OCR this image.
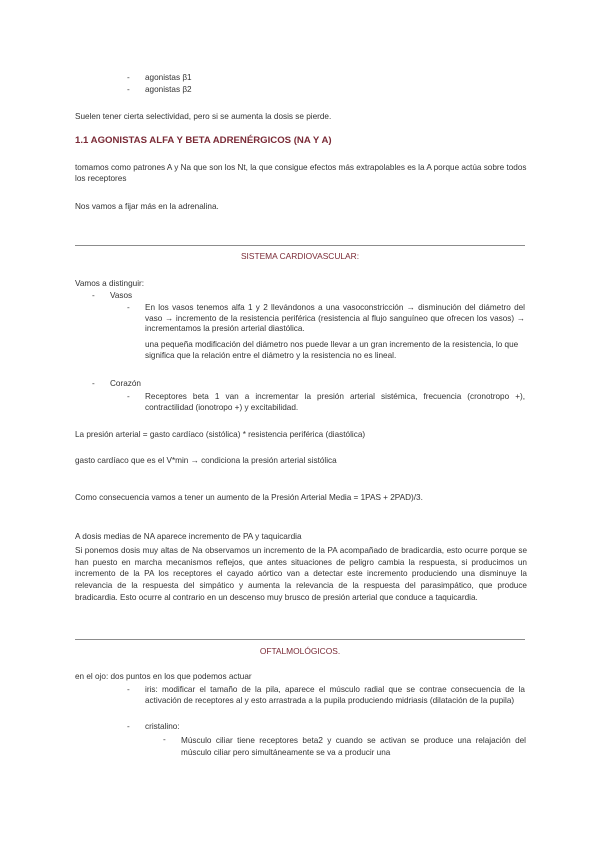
-	agonistas β1
-	agonistas β2

Suelen tener cierta selectividad, pero si se aumenta la dosis se pierde.

1.1 AGONISTAS ALFA Y BETA ADRENÉRGICOS (NA Y A)

tomamos como patrones A y Na que son los Nt, la que consigue efectos más extrapolables es la A porque actúa sobre todos los receptores

Nos vamos a fijar más en la adrenalina.

SISTEMA CARDIOVASCULAR:

Vamos a distinguir:

-	Vasos
-	En los vasos tenemos alfa 1 y 2 llevándonos a una vasoconstricción → disminución del diámetro del vaso → incremento de la resistencia periférica (resistencia al flujo sanguíneo que ofrecen los vasos) → incrementamos la presión arterial diastólica.

una pequeña modificación del diámetro nos puede llevar a un gran incremento de la resistencia, lo que significa que la relación entre el diámetro y la resistencia no es lineal.

-	Corazón
-	Receptores beta 1 van a incrementar la presión arterial sistémica, frecuencia (cronotropo +), contractilidad (ionotropo +) y excitabilidad.

La presión arterial = gasto cardíaco (sistólica) * resistencia periférica (diastólica)

gasto cardíaco que es el V*min → condiciona la presión arterial sistólica

Como consecuencia vamos a tener un aumento de la Presión Arterial Media = 1PAS + 2PAD)/3.

A dosis medias de NA aparece incremento de PA y taquicardia

Si ponemos dosis muy altas de Na observamos un incremento de la PA acompañado de bradicardia, esto ocurre porque se han puesto en marcha mecanismos reflejos, que antes situaciones de peligro cambia la respuesta, si producimos un incremento de la PA los receptores el cayado aórtico van a detectar este incremento produciendo una disminuye la relevancia de la respuesta del simpático y aumenta la relevancia de la respuesta del parasimpático, que produce bradicardia. Esto ocurre al contrario en un descenso muy brusco de presión arterial que conduce a taquicardia.

OFTALMOLÓGICOS.

en el ojo: dos puntos en los que podemos actuar

-	iris: modificar el tamaño de la pila, aparece el músculo radial que se contrae consecuencia de la activación de receptores al y esto arrastrada a la pupila produciendo midriasis (dilatación de la pupila)

-	cristalino:
-	Músculo ciliar tiene receptores beta2 y cuando se activan se produce una relajación del músculo ciliar pero simultáneamente se va a producir una
